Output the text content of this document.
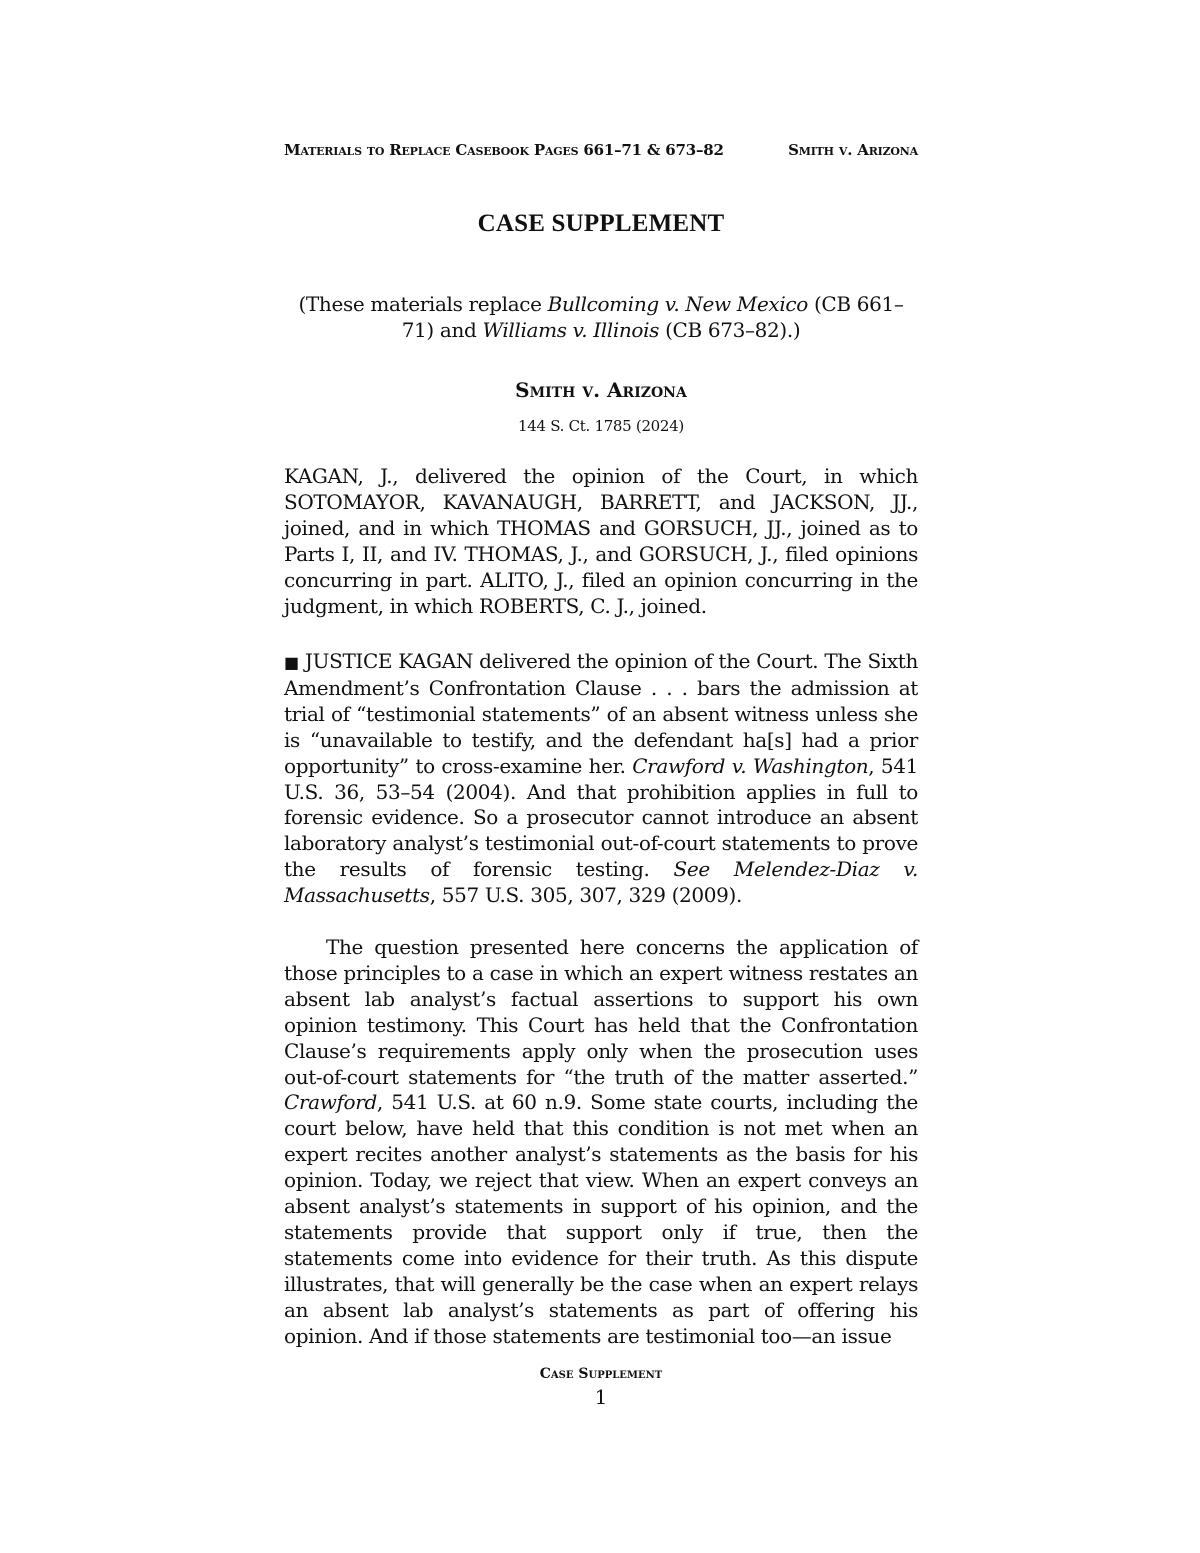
Materials to Replace Casebook Pages 661–71 & 673–82	Smith v. Arizona
CASE SUPPLEMENT
(These materials replace Bullcoming v. New Mexico (CB 661–71) and Williams v. Illinois (CB 673–82).)
Smith v. Arizona
144 S. Ct. 1785 (2024)

KAGAN, J., delivered the opinion of the Court, in which SOTOMAYOR, KAVANAUGH, BARRETT, and JACKSON, JJ., joined, and in which THOMAS and GORSUCH, JJ., joined as to Parts I, II, and IV. THOMAS, J., and GORSUCH, J., filed opinions concurring in part. ALITO, J., filed an opinion concurring in the judgment, in which ROBERTS, C. J., joined.

■ JUSTICE KAGAN delivered the opinion of the Court. The Sixth Amendment’s Confrontation Clause . . . bars the admission at trial of “testimonial statements” of an absent witness unless she is “unavailable to testify, and the defendant ha[s] had a prior opportunity” to cross-examine her. Crawford v. Washington, 541 U.S. 36, 53–54 (2004). And that prohibition applies in full to forensic evidence. So a prosecutor cannot introduce an absent laboratory analyst’s testimonial out-of-court statements to prove the results of forensic testing. See Melendez-Diaz v. Massachusetts, 557 U.S. 305, 307, 329 (2009).

The question presented here concerns the application of those principles to a case in which an expert witness restates an absent lab analyst’s factual assertions to support his own opinion testimony. This Court has held that the Confrontation Clause’s requirements apply only when the prosecution uses out-of-court statements for “the truth of the matter asserted.” Crawford, 541 U.S. at 60 n.9. Some state courts, including the court below, have held that this condition is not met when an expert recites another analyst’s statements as the basis for his opinion. Today, we reject that view. When an expert conveys an absent analyst’s statements in support of his opinion, and the statements provide that support only if true, then the statements come into evidence for their truth. As this dispute illustrates, that will generally be the case when an expert relays an absent lab analyst’s statements as part of offering his opinion. And if those statements are testimonial too—an issue

Case Supplement
1
